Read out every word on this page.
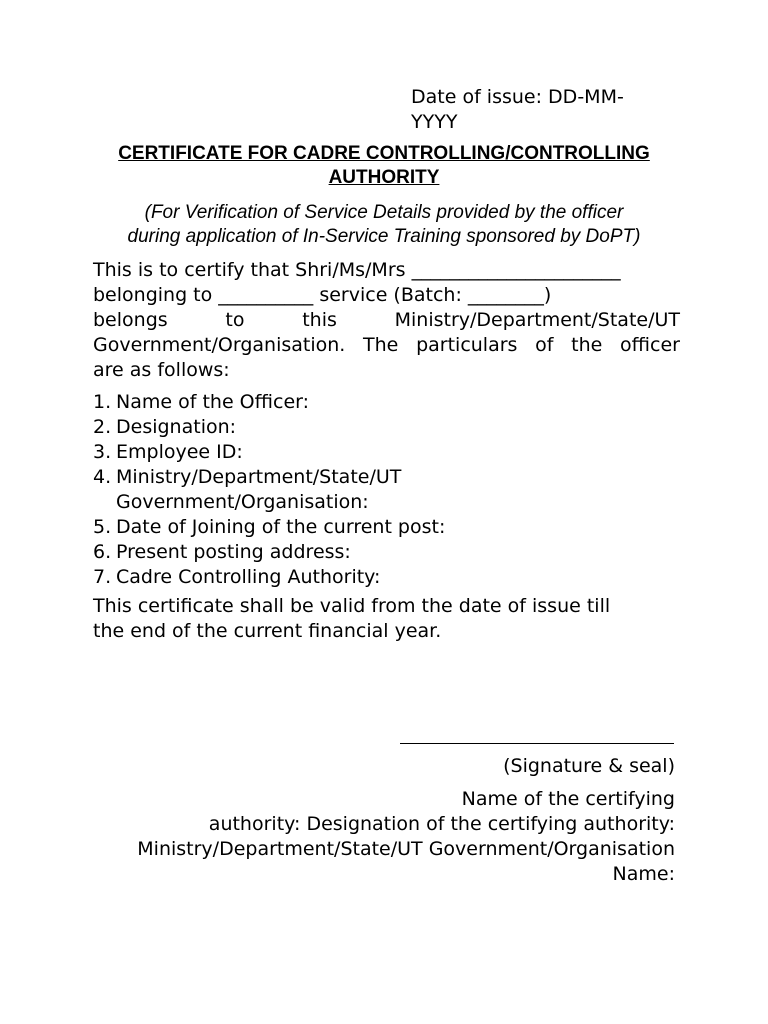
Date of issue: DD-MM-
YYYY
CERTIFICATE FOR CADRE CONTROLLING/CONTROLLING
AUTHORITY
(For Verification of Service Details provided by the officer
during application of In-Service Training sponsored by DoPT)
This is to certify that Shri/Ms/Mrs ______________________
belonging to __________ service (Batch: ________)
belongs to this Ministry/Department/State/UT
Government/Organisation. The particulars of the officer
are as follows:
1. Name of the Officer:
2. Designation:
3. Employee ID:
4. Ministry/Department/State/UT
Government/Organisation:
5. Date of Joining of the current post:
6. Present posting address:
7. Cadre Controlling Authority:
This certificate shall be valid from the date of issue till
the end of the current financial year.
(Signature & seal)
Name of the certifying
authority: Designation of the certifying authority:
Ministry/Department/State/UT Government/Organisation
Name:
